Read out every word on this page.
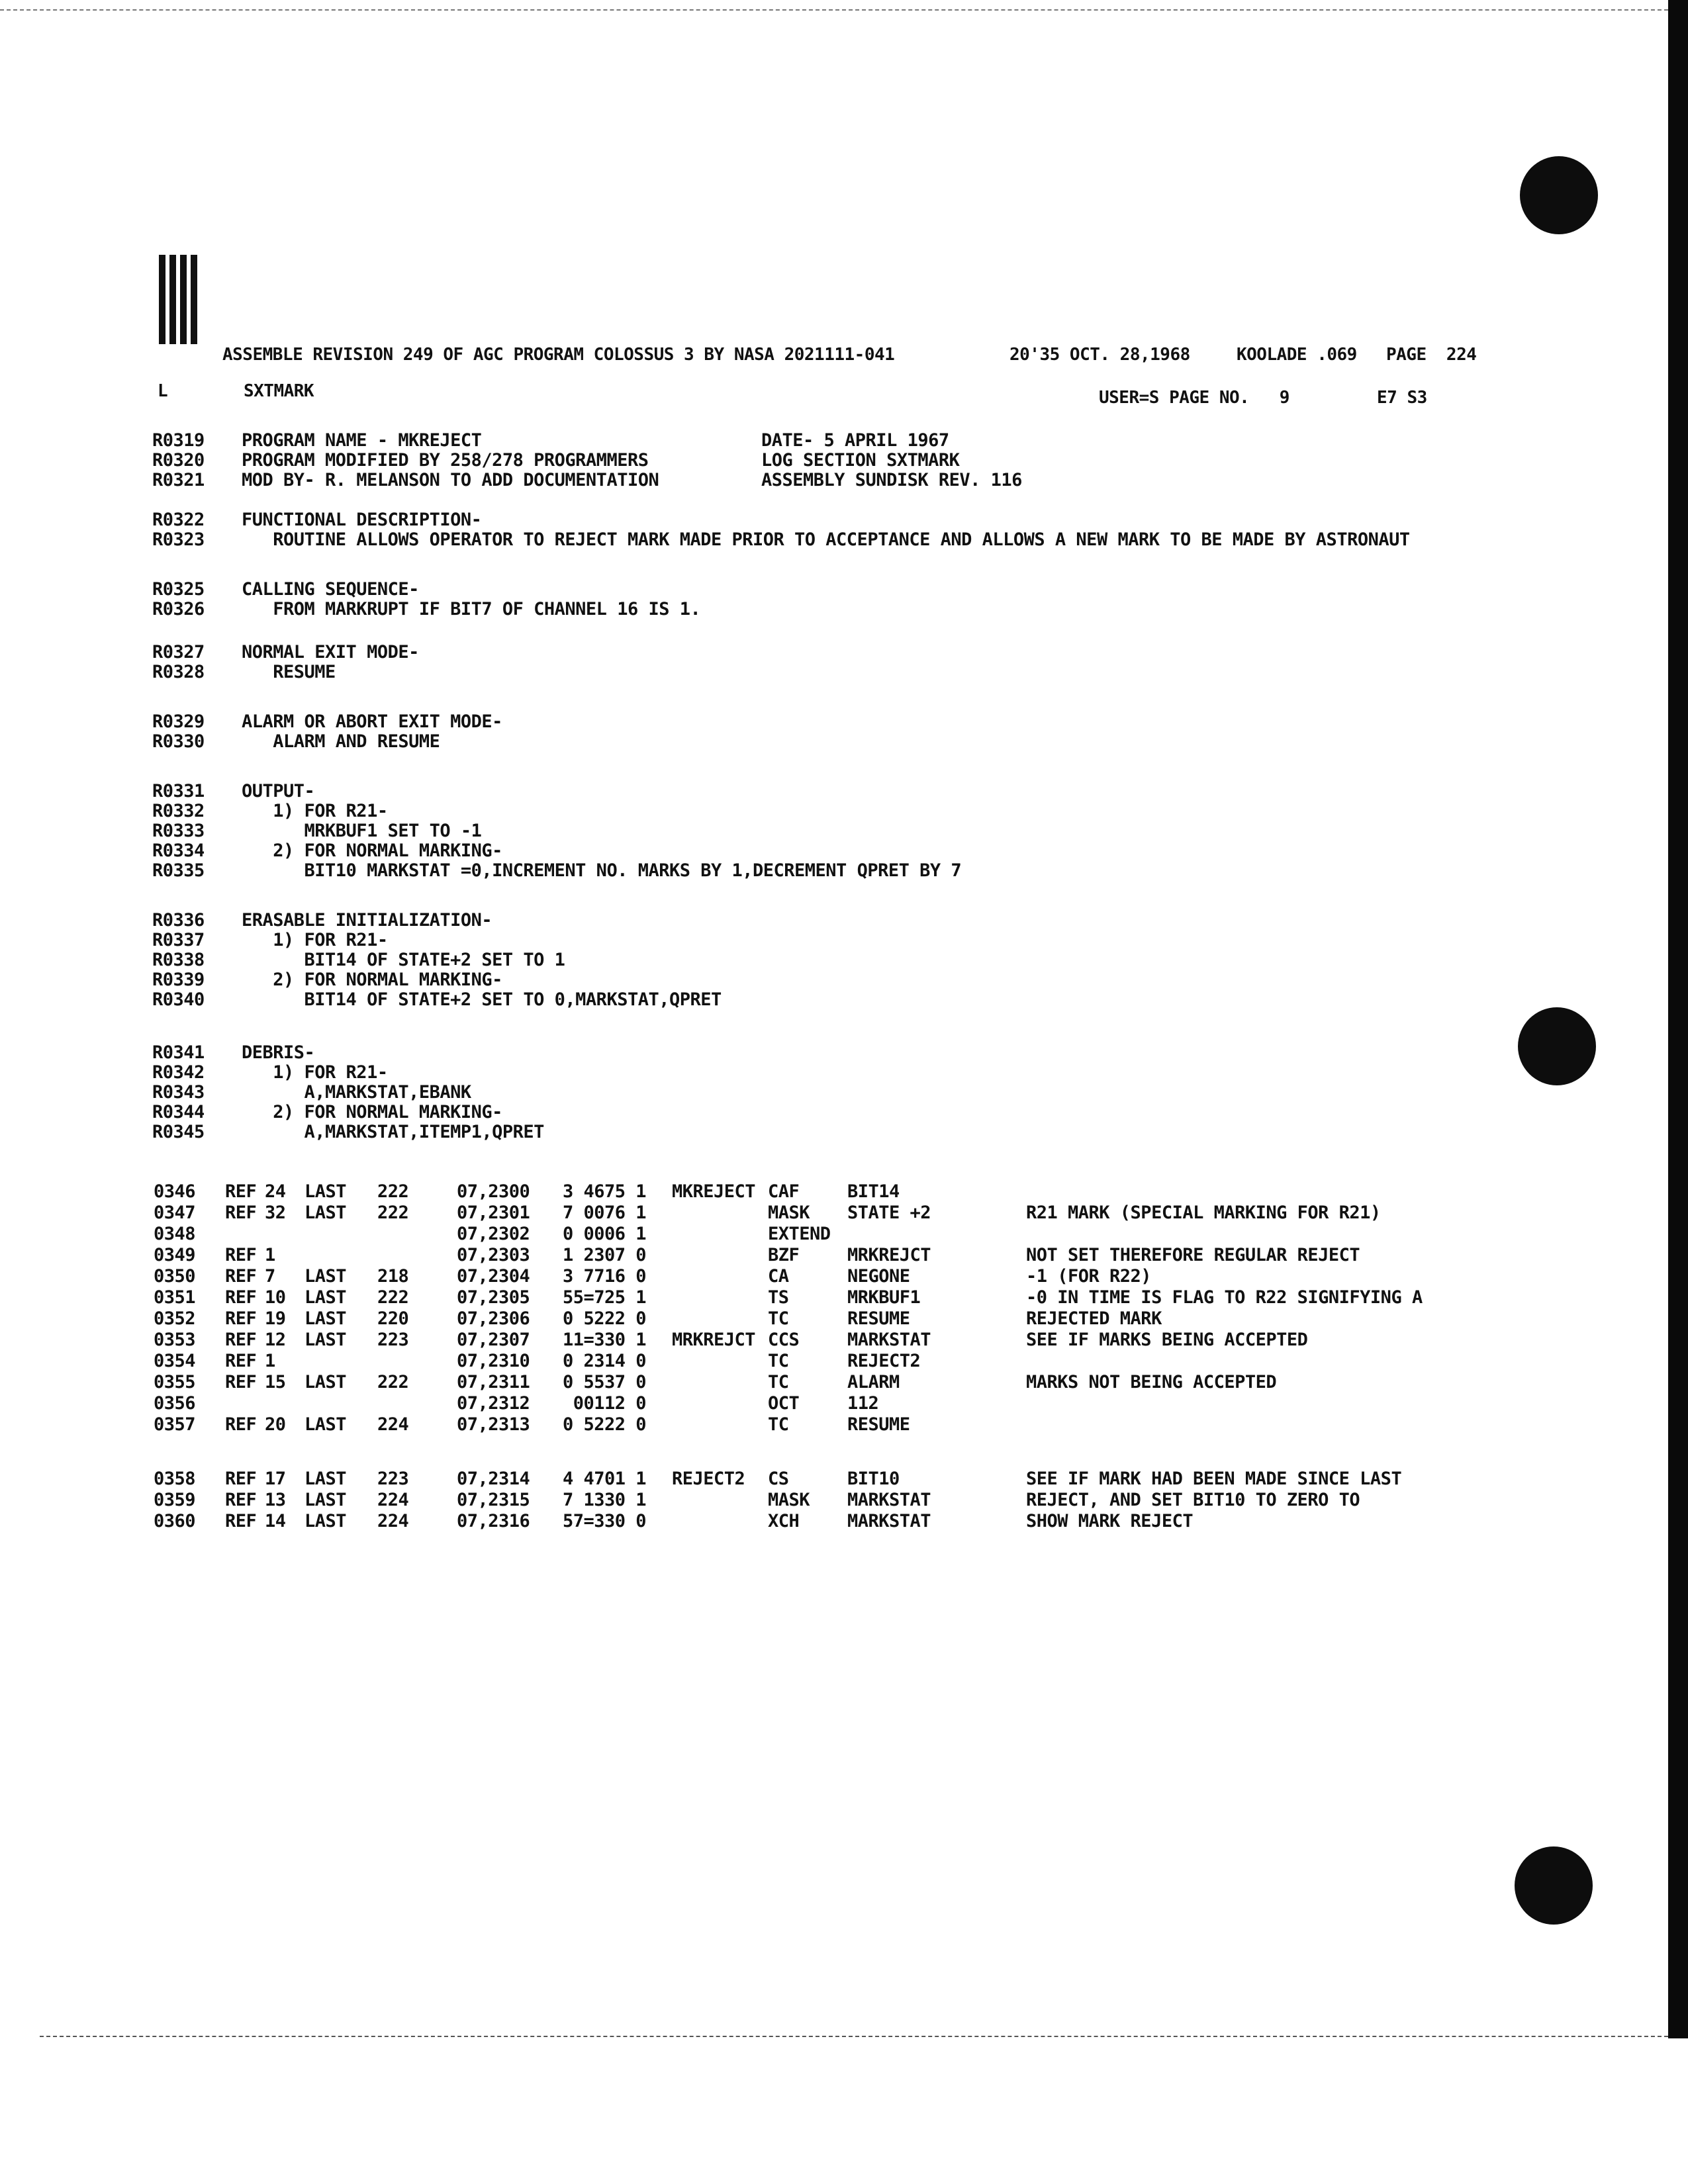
ASSEMBLE REVISION 249 OF AGC PROGRAM COLOSSUS 3 BY NASA 2021111-041	20'35 OCT. 28,1968	KOOLADE .069 PAGE  224
L	SXTMARK	USER=S PAGE NO.   9	E7 S3
R0319 PROGRAM NAME - MKREJECT	DATE- 5 APRIL 1967
R0320 PROGRAM MODIFIED BY 258/278 PROGRAMMERS	LOG SECTION SXTMARK
R0321 MOD BY- R. MELANSON TO ADD DOCUMENTATION	ASSEMBLY SUNDISK REV. 116
R0322 FUNCTIONAL DESCRIPTION-
R0323 ROUTINE ALLOWS OPERATOR TO REJECT MARK MADE PRIOR TO ACCEPTANCE AND ALLOWS A NEW MARK TO BE MADE BY ASTRONAUT
R0325 CALLING SEQUENCE-
R0326 FROM MARKRUPT IF BIT7 OF CHANNEL 16 IS 1.
R0327 NORMAL EXIT MODE-
R0328 RESUME
R0329 ALARM OR ABORT EXIT MODE-
R0330 ALARM AND RESUME
R0331 OUTPUT-
R0332 1) FOR R21-
R0333 MRKBUF1 SET TO -1
R0334 2) FOR NORMAL MARKING-
R0335 BIT10 MARKSTAT =0,INCREMENT NO. MARKS BY 1,DECREMENT QPRET BY 7
R0336 ERASABLE INITIALIZATION-
R0337 1) FOR R21-
R0338 BIT14 OF STATE+2 SET TO 1
R0339 2) FOR NORMAL MARKING-
R0340 BIT14 OF STATE+2 SET TO 0,MARKSTAT,QPRET
R0341 DEBRIS-
R0342 1) FOR R21-
R0343 A,MARKSTAT,EBANK
R0344 2) FOR NORMAL MARKING-
R0345 A,MARKSTAT,ITEMP1,QPRET
0346 REF 24 LAST 222	07,2300 3 4675 1 MKREJECT CAF	BIT14
0347 REF 32 LAST 222	07,2301 7 0076 1	MASK STATE +2	R21 MARK (SPECIAL MARKING FOR R21)
0348	07,2302 0 0006 1	EXTEND
0349 REF 1	07,2303 1 2307 0	BZF	MRKREJCT	NOT SET THEREFORE REGULAR REJECT
0350 REF 7 LAST 218	07,2304 3 7716 0	CA	NEGONE	-1 (FOR R22)
0351 REF 10 LAST 222	07,2305 55=725 1	TS	MRKBUF1	-0 IN TIME IS FLAG TO R22 SIGNIFYING A
0352 REF 19 LAST 220	07,2306 0 5222 0	TC	RESUME	REJECTED MARK
0353 REF 12 LAST 223	07,2307 11=330 1 MRKREJCT CCS	MARKSTAT	SEE IF MARKS BEING ACCEPTED
0354 REF 1	07,2310 0 2314 0	TC	REJECT2
0355 REF 15 LAST 222	07,2311 0 5537 0	TC	ALARM	MARKS NOT BEING ACCEPTED
0356	07,2312 00112 0	OCT	112
0357 REF 20 LAST 224	07,2313 0 5222 0	TC	RESUME
0358 REF 17 LAST 223	07,2314 4 4701 1 REJECT2 CS	BIT10	SEE IF MARK HAD BEEN MADE SINCE LAST
0359 REF 13 LAST 224	07,2315 7 1330 1	MASK MARKSTAT	REJECT, AND SET BIT10 TO ZERO TO
0360 REF 14 LAST 224	07,2316 57=330 0	XCH	MARKSTAT	SHOW MARK REJECT
